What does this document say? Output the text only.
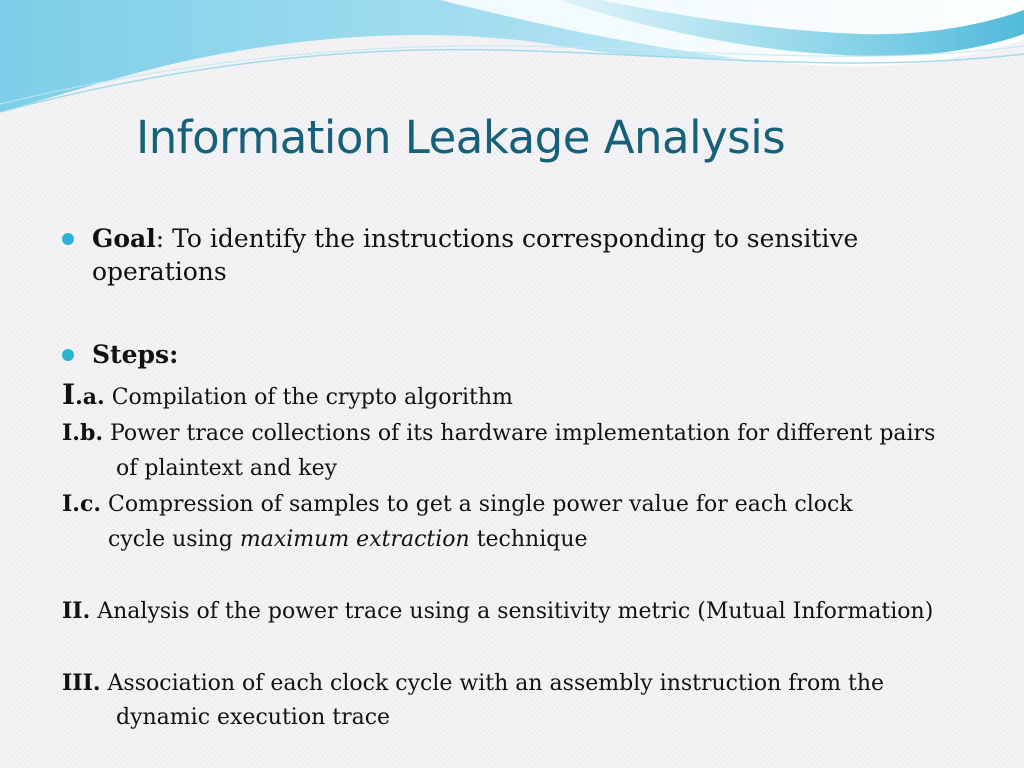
Information Leakage Analysis
Goal: To identify the instructions corresponding to sensitive
operations
Steps:
I.a. Compilation of the crypto algorithm
I.b. Power trace collections of its hardware implementation for different pairs
of plaintext and key
I.c. Compression of samples to get a single power value for each clock
cycle using maximum extraction technique
II. Analysis of the power trace using a sensitivity metric (Mutual Information)
III. Association of each clock cycle with an assembly instruction from the
dynamic execution trace
